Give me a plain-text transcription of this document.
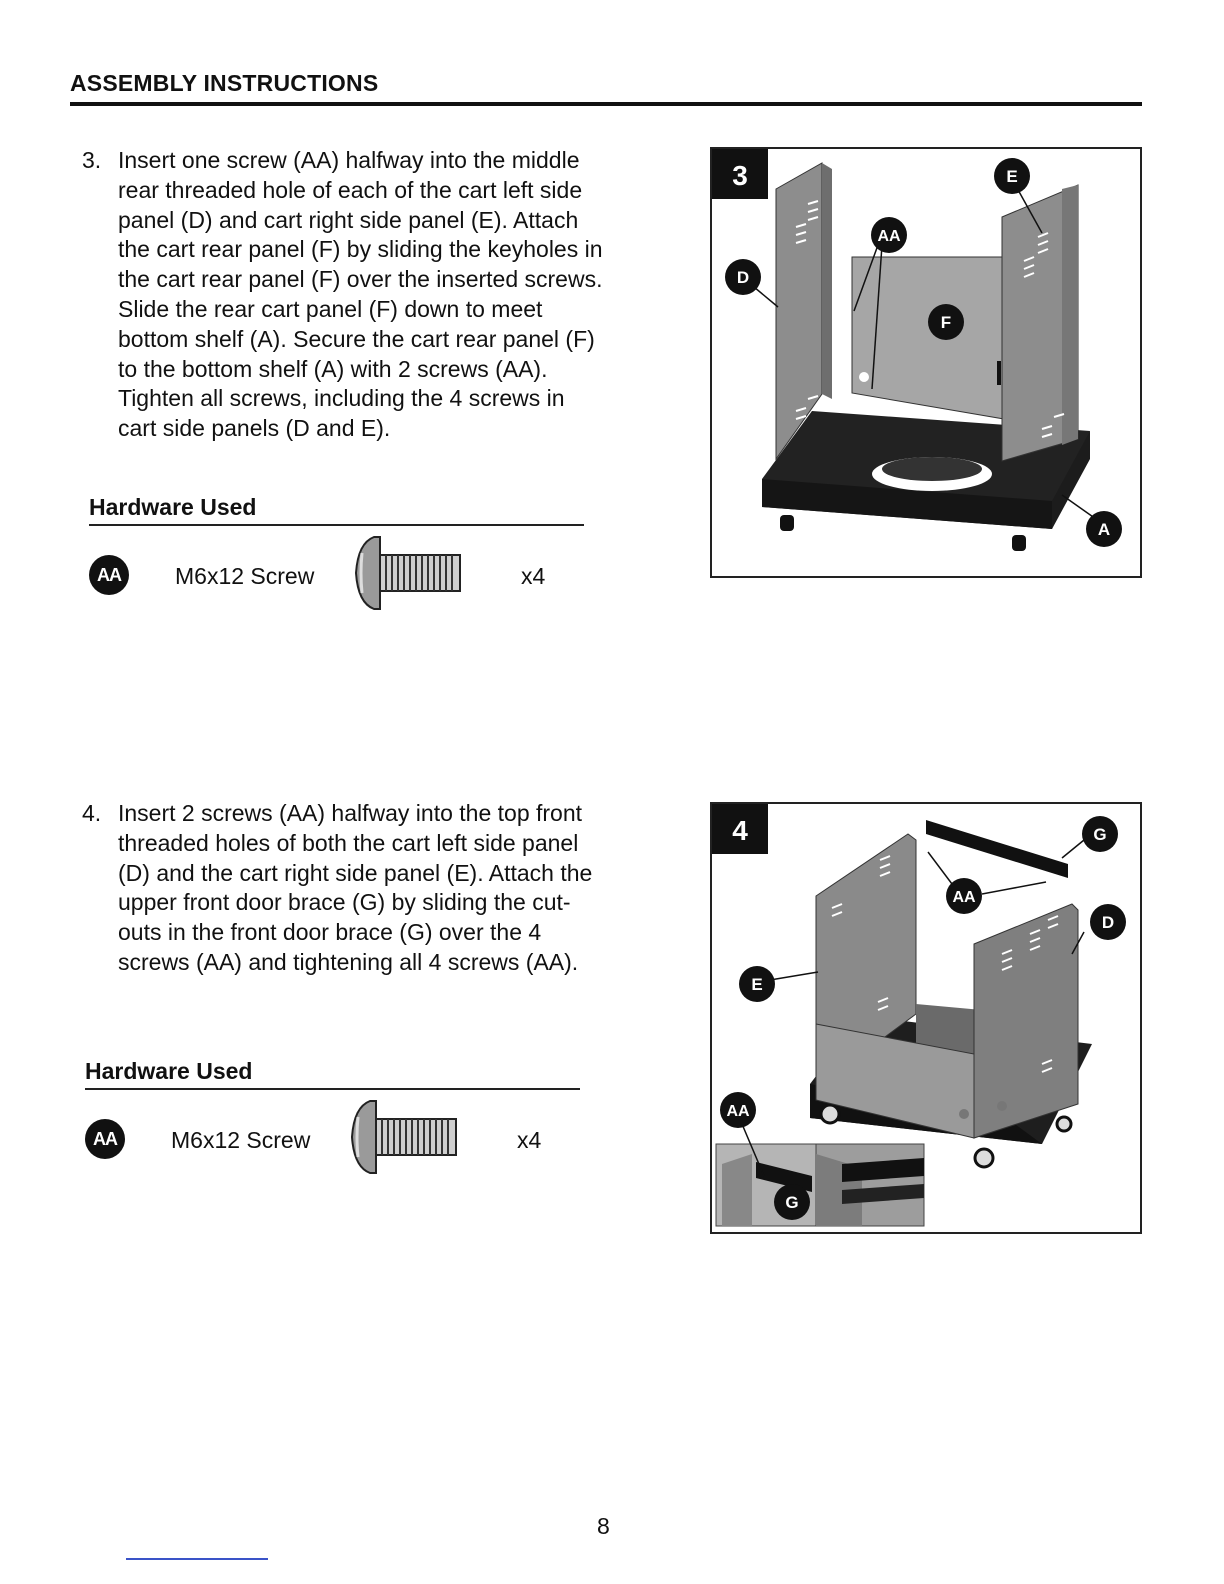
ASSEMBLY INSTRUCTIONS
3. Insert one screw (AA) halfway into the middle rear threaded hole of each of the cart left side panel (D) and cart right side panel (E). Attach the cart rear panel (F) by sliding the keyholes in the cart rear panel (F) over the inserted screws. Slide the rear cart panel (F) down to meet bottom shelf (A). Secure the cart rear panel (F) to the bottom shelf (A) with 2 screws (AA). Tighten all screws, including the 4 screws in cart side panels (D and E).
Hardware Used
AA	M6x12 Screw	x4
3	E
AA
D
F
A
4. Insert 2 screws (AA) halfway into the top front threaded holes of both the cart left side panel (D) and the cart right side panel (E). Attach the upper front door brace (G) by sliding the cut-outs in the front door brace (G) over the 4 screws (AA) and tightening all 4 screws (AA).
Hardware Used
AA	M6x12 Screw	x4
4	G
AA
D
E
AA
G
8
